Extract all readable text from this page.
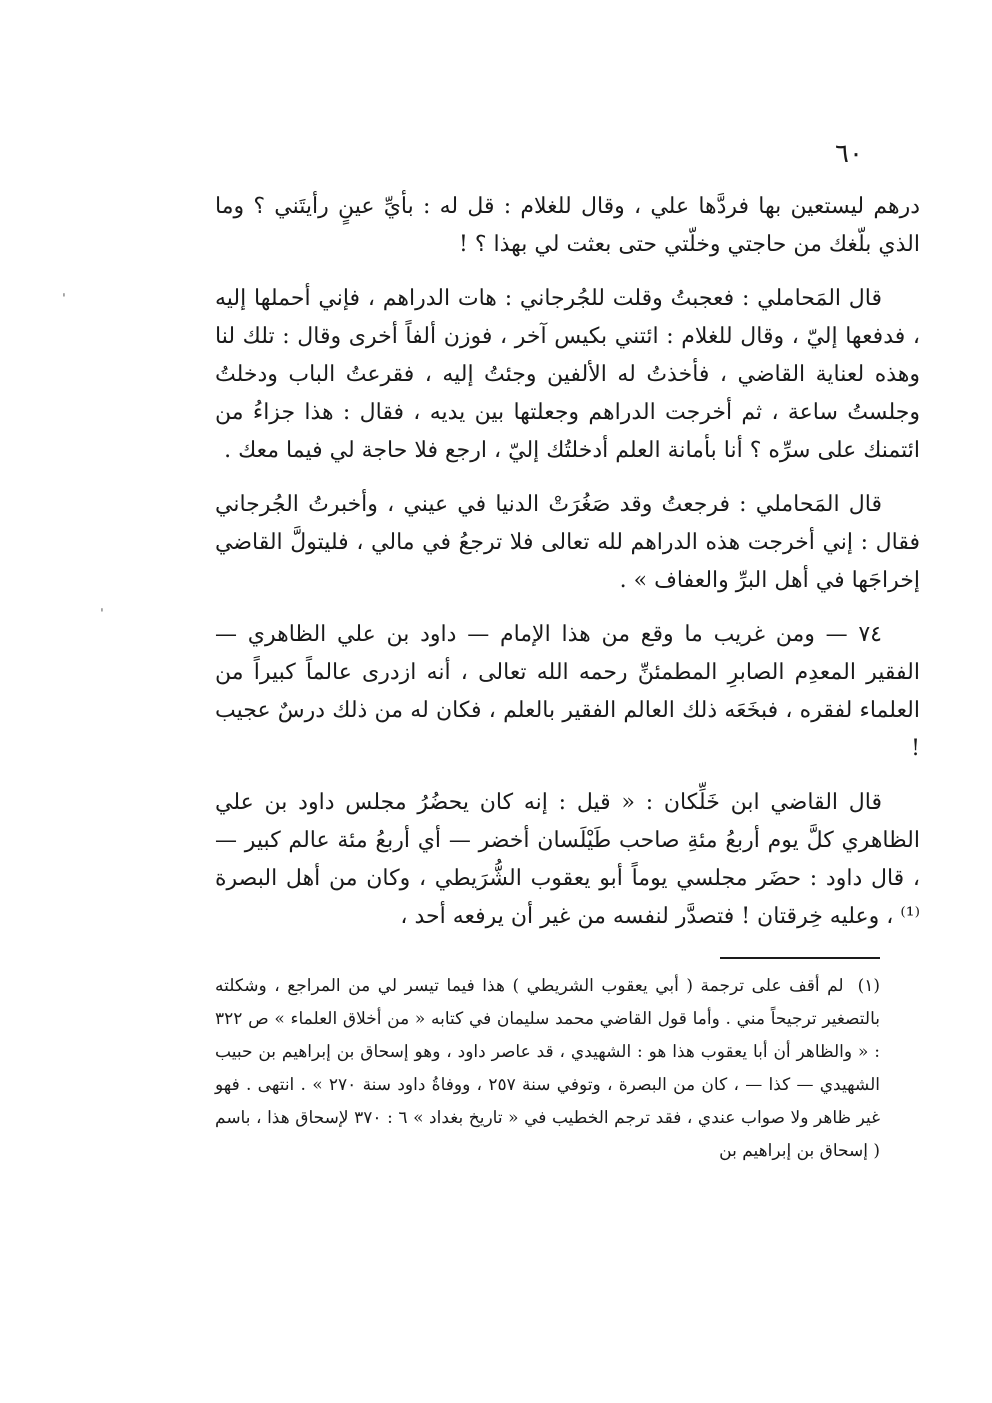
٦٠

درهم ليستعين بها فردَّها علي ، وقال للغلام : قل له : بأيِّ عينٍ رأيتَني ؟ وما الذي بلّغك من حاجتي وخلّتي حتى بعثت لي بهذا ؟ !

قال المَحاملي : فعجبتُ وقلت للجُرجاني : هات الدراهم ، فإني أحملها إليه ، فدفعها إليّ ، وقال للغلام : ائتني بكيس آخر ، فوزن ألفاً أخرى وقال : تلك لنا وهذه لعناية القاضي ، فأخذتُ له الألفين وجئتُ إليه ، فقرعتُ الباب ودخلتُ وجلستُ ساعة ، ثم أخرجت الدراهم وجعلتها بين يديه ، فقال : هذا جزاءُ من ائتمنك على سرِّه ؟ أنا بأمانة العلم أدخلتُك إليّ ، ارجع فلا حاجة لي فيما معك .

قال المَحاملي : فرجعتُ وقد صَغُرَتْ الدنيا في عيني ، وأخبرتُ الجُرجاني فقال : إني أخرجت هذه الدراهم لله تعالى فلا ترجعُ في مالي ، فليتولَّ القاضي إخراجَها في أهل البرِّ والعفاف » .

٧٤ — ومن غريب ما وقع من هذا الإمام — داود بن علي الظاهري — الفقير المعدِم الصابرِ المطمئنِّ رحمه الله تعالى ، أنه ازدرى عالماً كبيراً من العلماء لفقره ، فبخَعَه ذلك العالم الفقير بالعلم ، فكان له من ذلك درسٌ عجيب !

قال القاضي ابن خَلِّكان : « قيل : إنه كان يحضُرُ مجلس داود بن علي الظاهري كلَّ يوم أربعُ مئةِ صاحب طَيْلَسان أخضر — أي أربعُ مئة عالم كبير — ، قال داود : حضَر مجلسي يوماً أبو يعقوب الشُّرَيطي ، وكان من أهل البصرة ⁽¹⁾ ، وعليه خِرقتان ! فتصدَّر لنفسه من غير أن يرفعه أحد ،

(١)لم أقف على ترجمة ( أبي يعقوب الشريطي ) هذا فيما تيسر لي من المراجع ، وشكلته بالتصغير ترجيحاً مني . وأما قول القاضي محمد سليمان في كتابه « من أخلاق العلماء » ص ٣٢٢ : « والظاهر أن أبا يعقوب هذا هو : الشهيدي ، قد عاصر داود ، وهو إسحاق بن إبراهيم بن حبيب الشهيدي — كذا — ، كان من البصرة ، وتوفي سنة ٢٥٧ ، ووفاةُ داود سنة ٢٧٠ » . انتهى . فهو غير ظاهر ولا صواب عندي ، فقد ترجم الخطيب في « تاريخ بغداد » ٦ : ٣٧٠ لإسحاق هذا ، باسم ( إسحاق بن إبراهيم بن

ˈ
ˌ
